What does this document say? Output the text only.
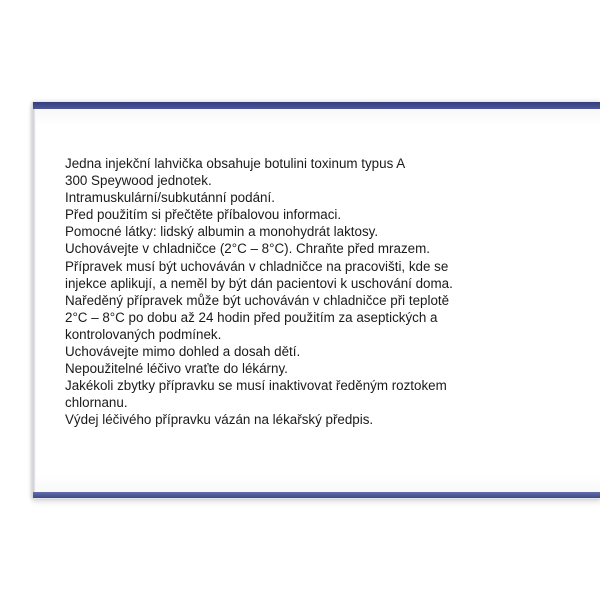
Jedna injekční lahvička obsahuje botulini toxinum typus A
300 Speywood jednotek.
Intramuskulární/subkutánní podání.
Před použitím si přečtěte příbalovou informaci.
Pomocné látky: lidský albumin a monohydrát laktosy.
Uchovávejte v chladničce (2°C – 8°C). Chraňte před mrazem.
Přípravek musí být uchováván v chladničce na pracovišti, kde se
injekce aplikují, a neměl by být dán pacientovi k uschování doma.
Naředěný přípravek může být uchováván v chladničce při teplotě
2°C – 8°C po dobu až 24 hodin před použitím za aseptických a
kontrolovaných podmínek.
Uchovávejte mimo dohled a dosah dětí.
Nepoužitelné léčivo vraťte do lékárny.
Jakékoli zbytky přípravku se musí inaktivovat ředěným roztokem
chlornanu.
Výdej léčivého přípravku vázán na lékařský předpis.
